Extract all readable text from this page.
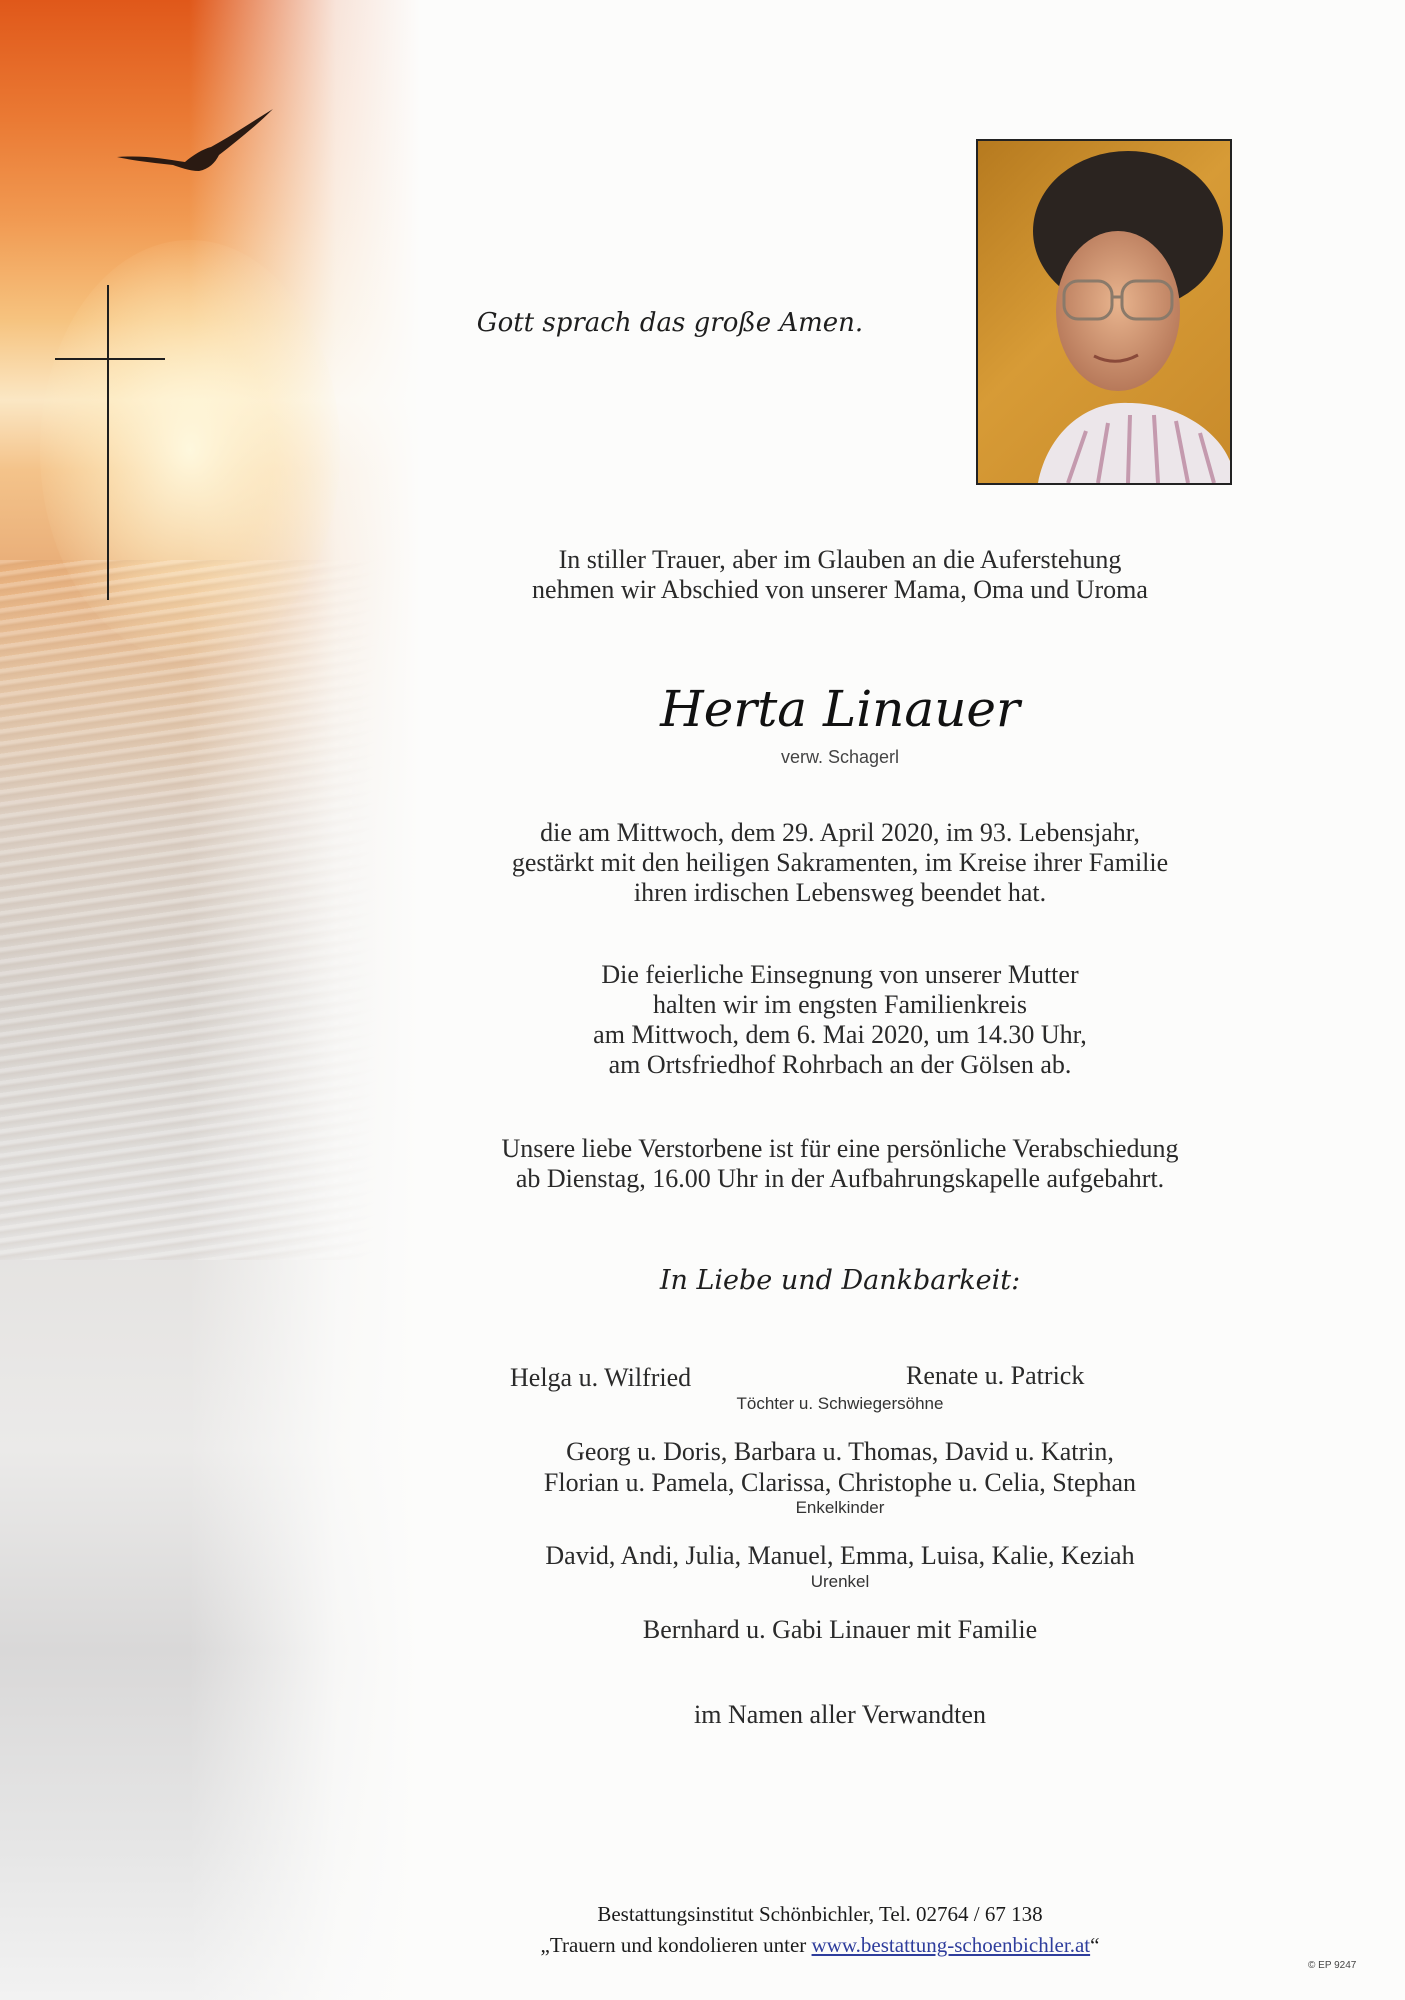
Gott sprach das große Amen.
In stiller Trauer, aber im Glauben an die Auferstehung
nehmen wir Abschied von unserer Mama, Oma und Uroma
Herta Linauer
verw. Schagerl
die am Mittwoch, dem 29. April 2020, im 93. Lebensjahr,
gestärkt mit den heiligen Sakramenten, im Kreise ihrer Familie
ihren irdischen Lebensweg beendet hat.
Die feierliche Einsegnung von unserer Mutter
halten wir im engsten Familienkreis
am Mittwoch, dem 6. Mai 2020, um 14.30 Uhr,
am Ortsfriedhof Rohrbach an der Gölsen ab.
Unsere liebe Verstorbene ist für eine persönliche Verabschiedung
ab Dienstag, 16.00 Uhr in der Aufbahrungskapelle aufgebahrt.
In Liebe und Dankbarkeit:
Helga u. Wilfried	Renate u. Patrick
Töchter u. Schwiegersöhne
Georg u. Doris, Barbara u. Thomas, David u. Katrin,
Florian u. Pamela, Clarissa, Christophe u. Celia, Stephan
Enkelkinder
David, Andi, Julia, Manuel, Emma, Luisa, Kalie, Keziah
Urenkel
Bernhard u. Gabi Linauer mit Familie
im Namen aller Verwandten
Bestattungsinstitut Schönbichler, Tel. 02764 / 67 138
„Trauern und kondolieren unter www.bestattung-schoenbichler.at“
© EP 9247
